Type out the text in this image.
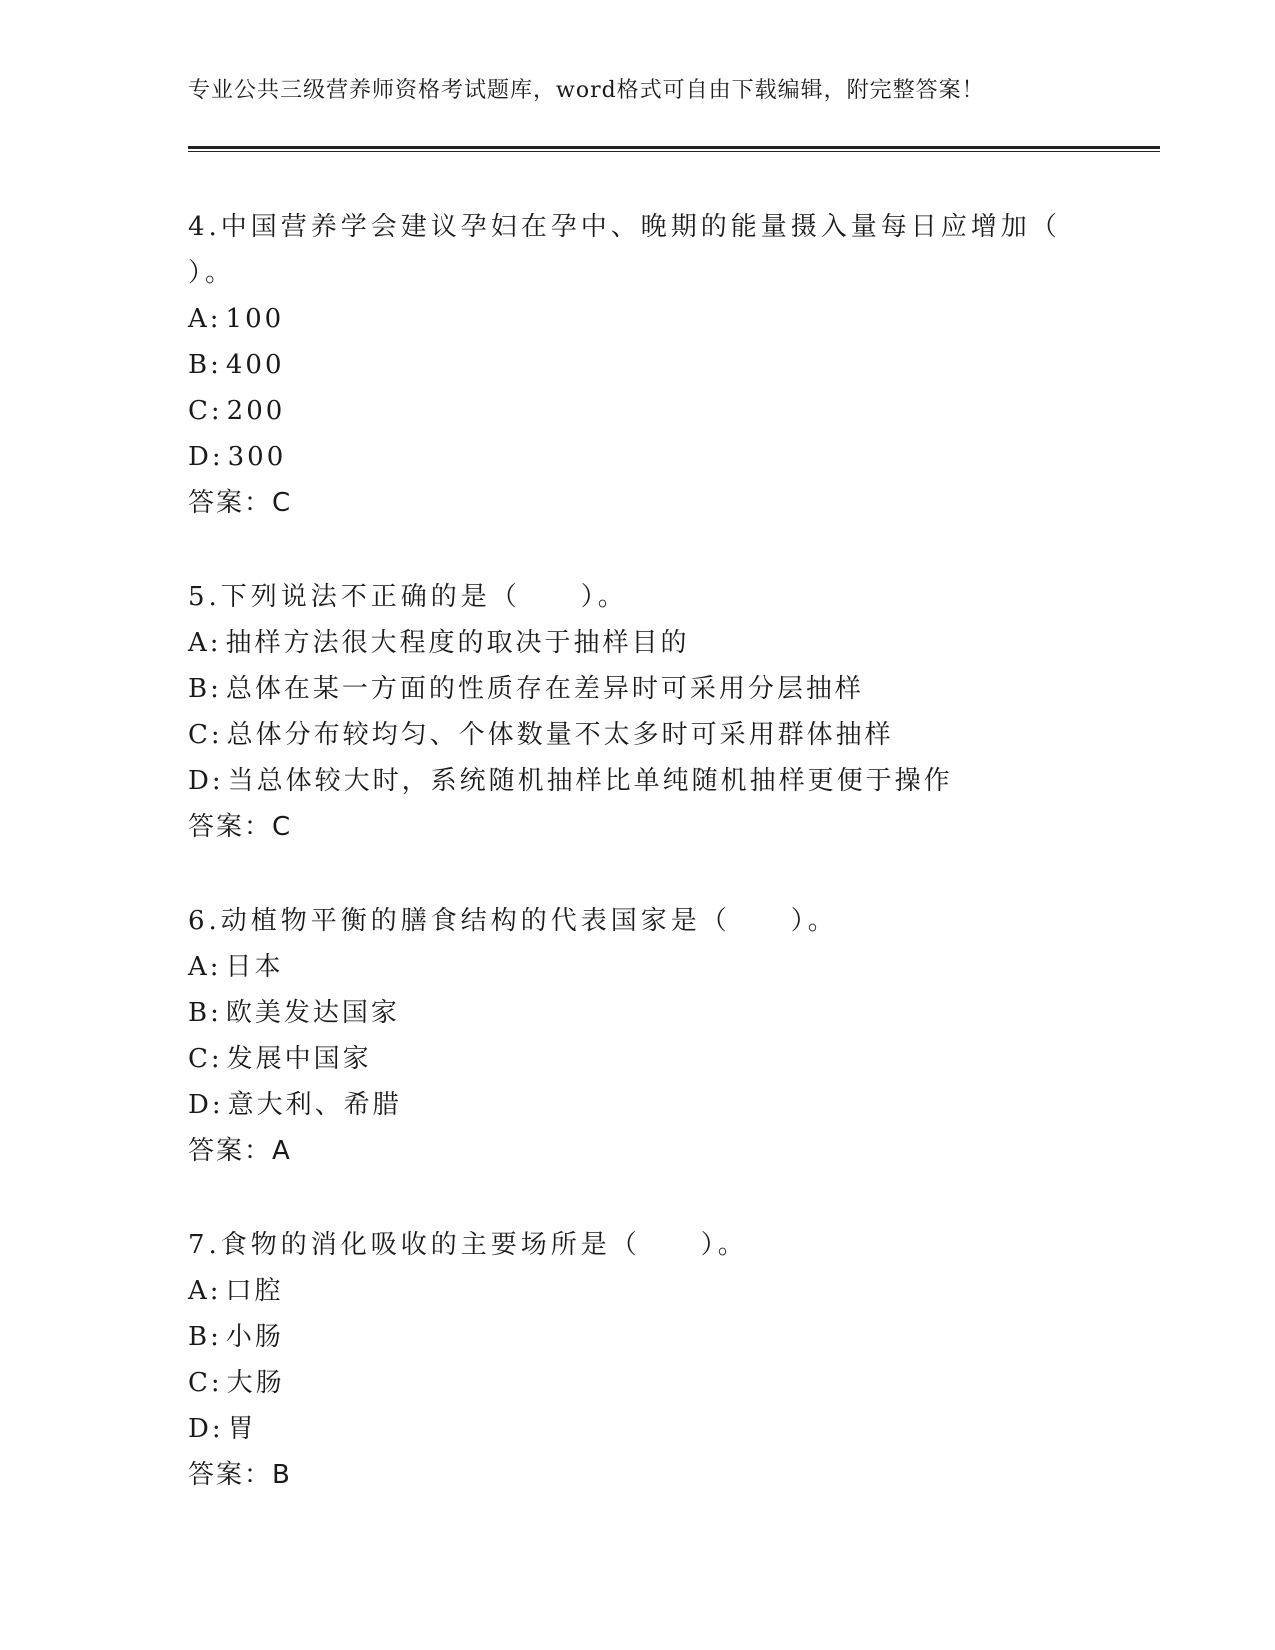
专业公共三级营养师资格考试题库，word格式可自由下载编辑，附完整答案！

4.中国营养学会建议孕妇在孕中、晚期的能量摄入量每日应增加（ ）。

A: 100
B: 400
C: 200
D: 300
答案：C

5.下列说法不正确的是（　　）。

A: 抽样方法很大程度的取决于抽样目的
B: 总体在某一方面的性质存在差异时可采用分层抽样
C: 总体分布较均匀、个体数量不太多时可采用群体抽样
D: 当总体较大时，系统随机抽样比单纯随机抽样更便于操作
答案：C

6.动植物平衡的膳食结构的代表国家是（　　）。

A: 日本
B: 欧美发达国家
C: 发展中国家
D: 意大利、希腊
答案：A

7.食物的消化吸收的主要场所是（　　）。

A: 口腔
B: 小肠
C: 大肠
D: 胃
答案：B
